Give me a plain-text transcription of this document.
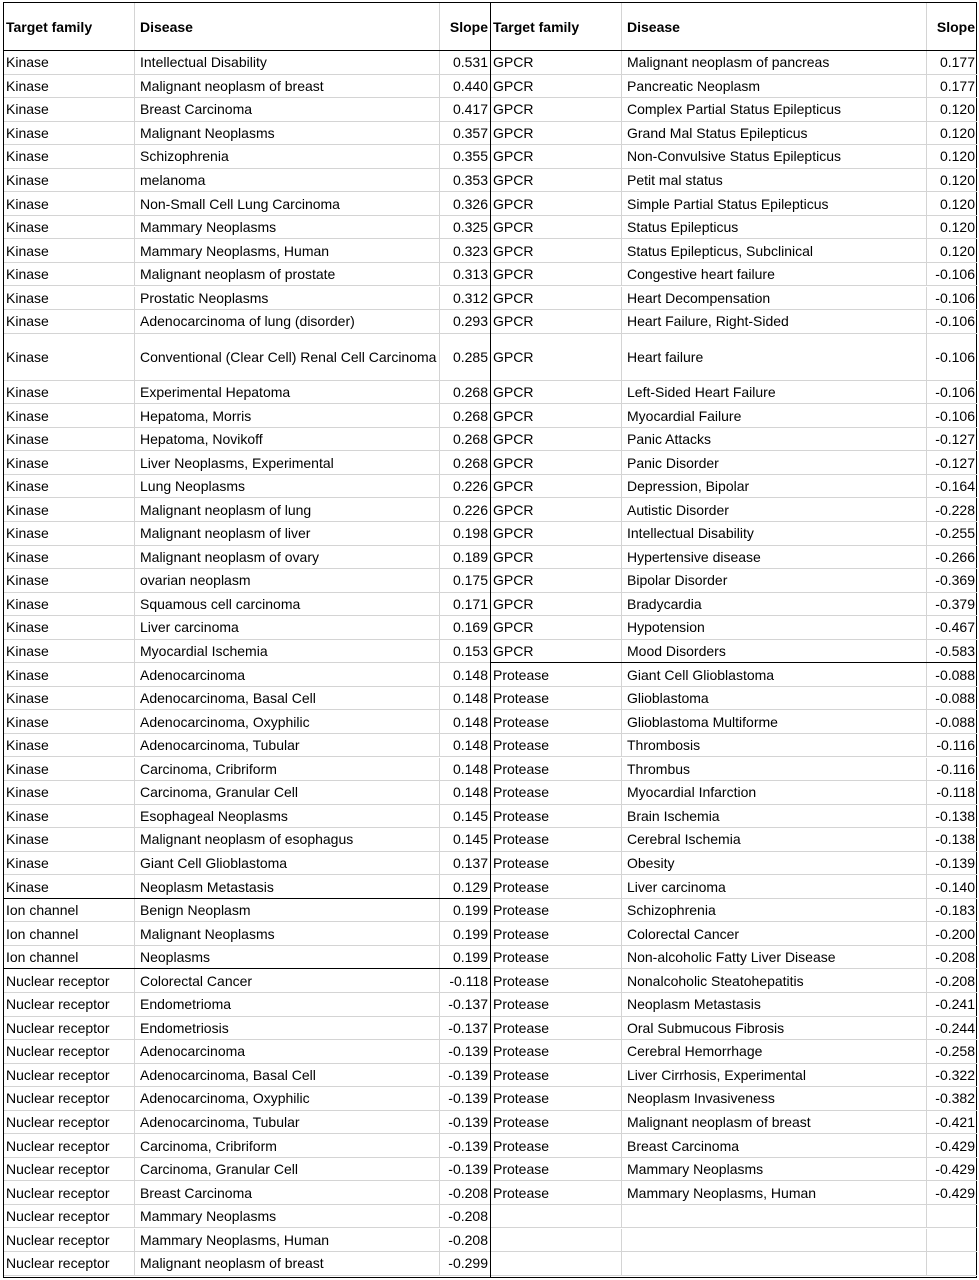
Target family	Disease	Slope
Kinase	Intellectual Disability	0.531
Kinase	Malignant neoplasm of breast	0.440
Kinase	Breast Carcinoma	0.417
Kinase	Malignant Neoplasms	0.357
Kinase	Schizophrenia	0.355
Kinase	melanoma	0.353
Kinase	Non-Small Cell Lung Carcinoma	0.326
Kinase	Mammary Neoplasms	0.325
Kinase	Mammary Neoplasms, Human	0.323
Kinase	Malignant neoplasm of prostate	0.313
Kinase	Prostatic Neoplasms	0.312
Kinase	Adenocarcinoma of lung (disorder)	0.293
Kinase	Conventional (Clear Cell) Renal Cell Carcinoma	0.285
Kinase	Experimental Hepatoma	0.268
Kinase	Hepatoma, Morris	0.268
Kinase	Hepatoma, Novikoff	0.268
Kinase	Liver Neoplasms, Experimental	0.268
Kinase	Lung Neoplasms	0.226
Kinase	Malignant neoplasm of lung	0.226
Kinase	Malignant neoplasm of liver	0.198
Kinase	Malignant neoplasm of ovary	0.189
Kinase	ovarian neoplasm	0.175
Kinase	Squamous cell carcinoma	0.171
Kinase	Liver carcinoma	0.169
Kinase	Myocardial Ischemia	0.153
Kinase	Adenocarcinoma	0.148
Kinase	Adenocarcinoma, Basal Cell	0.148
Kinase	Adenocarcinoma, Oxyphilic	0.148
Kinase	Adenocarcinoma, Tubular	0.148
Kinase	Carcinoma, Cribriform	0.148
Kinase	Carcinoma, Granular Cell	0.148
Kinase	Esophageal Neoplasms	0.145
Kinase	Malignant neoplasm of esophagus	0.145
Kinase	Giant Cell Glioblastoma	0.137
Kinase	Neoplasm Metastasis	0.129
Ion channel	Benign Neoplasm	0.199
Ion channel	Malignant Neoplasms	0.199
Ion channel	Neoplasms	0.199
Nuclear receptor	Colorectal Cancer	-0.118
Nuclear receptor	Endometrioma	-0.137
Nuclear receptor	Endometriosis	-0.137
Nuclear receptor	Adenocarcinoma	-0.139
Nuclear receptor	Adenocarcinoma, Basal Cell	-0.139
Nuclear receptor	Adenocarcinoma, Oxyphilic	-0.139
Nuclear receptor	Adenocarcinoma, Tubular	-0.139
Nuclear receptor	Carcinoma, Cribriform	-0.139
Nuclear receptor	Carcinoma, Granular Cell	-0.139
Nuclear receptor	Breast Carcinoma	-0.208
Nuclear receptor	Mammary Neoplasms	-0.208
Nuclear receptor	Mammary Neoplasms, Human	-0.208
Nuclear receptor	Malignant neoplasm of breast	-0.299
Target family	Disease	Slope
GPCR	Malignant neoplasm of pancreas	0.177
GPCR	Pancreatic Neoplasm	0.177
GPCR	Complex Partial Status Epilepticus	0.120
GPCR	Grand Mal Status Epilepticus	0.120
GPCR	Non-Convulsive Status Epilepticus	0.120
GPCR	Petit mal status	0.120
GPCR	Simple Partial Status Epilepticus	0.120
GPCR	Status Epilepticus	0.120
GPCR	Status Epilepticus, Subclinical	0.120
GPCR	Congestive heart failure	-0.106
GPCR	Heart Decompensation	-0.106
GPCR	Heart Failure, Right-Sided	-0.106
GPCR	Heart failure	-0.106
GPCR	Left-Sided Heart Failure	-0.106
GPCR	Myocardial Failure	-0.106
GPCR	Panic Attacks	-0.127
GPCR	Panic Disorder	-0.127
GPCR	Depression, Bipolar	-0.164
GPCR	Autistic Disorder	-0.228
GPCR	Intellectual Disability	-0.255
GPCR	Hypertensive disease	-0.266
GPCR	Bipolar Disorder	-0.369
GPCR	Bradycardia	-0.379
GPCR	Hypotension	-0.467
GPCR	Mood Disorders	-0.583
Protease	Giant Cell Glioblastoma	-0.088
Protease	Glioblastoma	-0.088
Protease	Glioblastoma Multiforme	-0.088
Protease	Thrombosis	-0.116
Protease	Thrombus	-0.116
Protease	Myocardial Infarction	-0.118
Protease	Brain Ischemia	-0.138
Protease	Cerebral Ischemia	-0.138
Protease	Obesity	-0.139
Protease	Liver carcinoma	-0.140
Protease	Schizophrenia	-0.183
Protease	Colorectal Cancer	-0.200
Protease	Non-alcoholic Fatty Liver Disease	-0.208
Protease	Nonalcoholic Steatohepatitis	-0.208
Protease	Neoplasm Metastasis	-0.241
Protease	Oral Submucous Fibrosis	-0.244
Protease	Cerebral Hemorrhage	-0.258
Protease	Liver Cirrhosis, Experimental	-0.322
Protease	Neoplasm Invasiveness	-0.382
Protease	Malignant neoplasm of breast	-0.421
Protease	Breast Carcinoma	-0.429
Protease	Mammary Neoplasms	-0.429
Protease	Mammary Neoplasms, Human	-0.429
